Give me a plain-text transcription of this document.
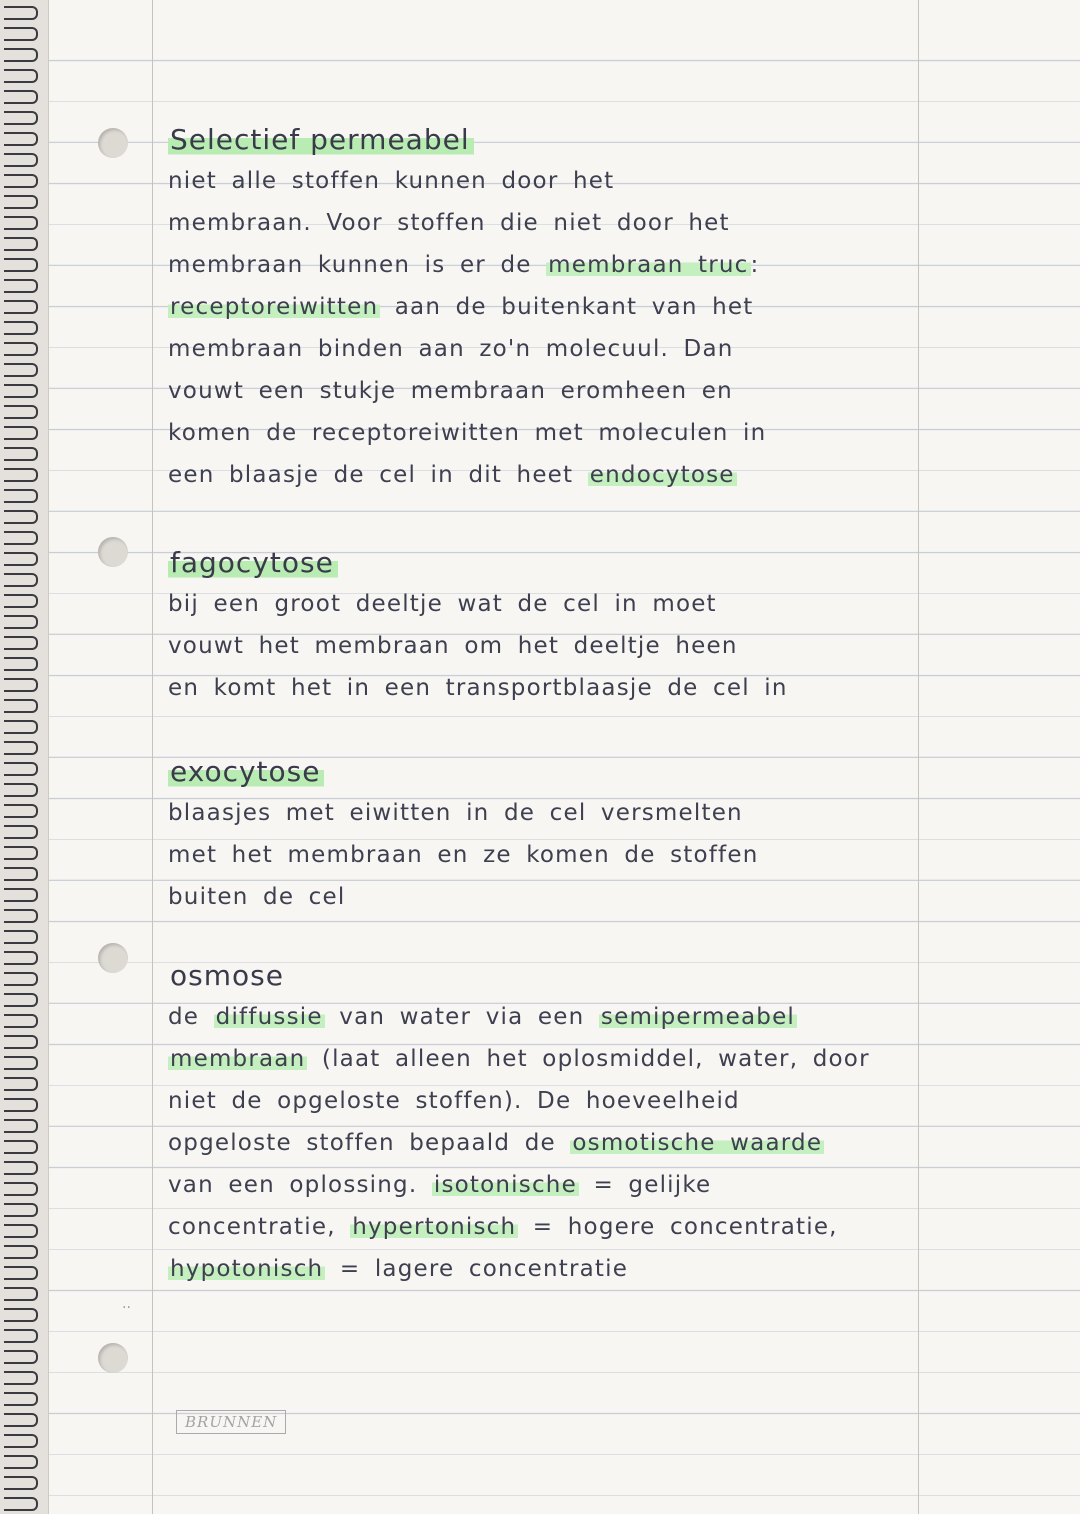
Selectief permeabel
niet alle stoffen kunnen door het
membraan. Voor stoffen die niet door het
membraan kunnen is er de membraan truc:
receptoreiwitten aan de buitenkant van het
membraan binden aan zo'n molecuul. Dan
vouwt een stukje membraan eromheen en
komen de receptoreiwitten met moleculen in
een blaasje de cel in dit heet endocytose
fagocytose
bij een groot deeltje wat de cel in moet
vouwt het membraan om het deeltje heen
en komt het in een transportblaasje de cel in
exocytose
blaasjes met eiwitten in de cel versmelten
met het membraan en ze komen de stoffen
buiten de cel
osmose
de diffussie van water via een semipermeabel
membraan (laat alleen het oplosmiddel, water, door
niet de opgeloste stoffen). De hoeveelheid
opgeloste stoffen bepaald de osmotische waarde
van een oplossing. isotonische = gelijke
concentratie, hypertonisch = hogere concentratie,
hypotonisch = lagere concentratie
··
BRUNNEN
